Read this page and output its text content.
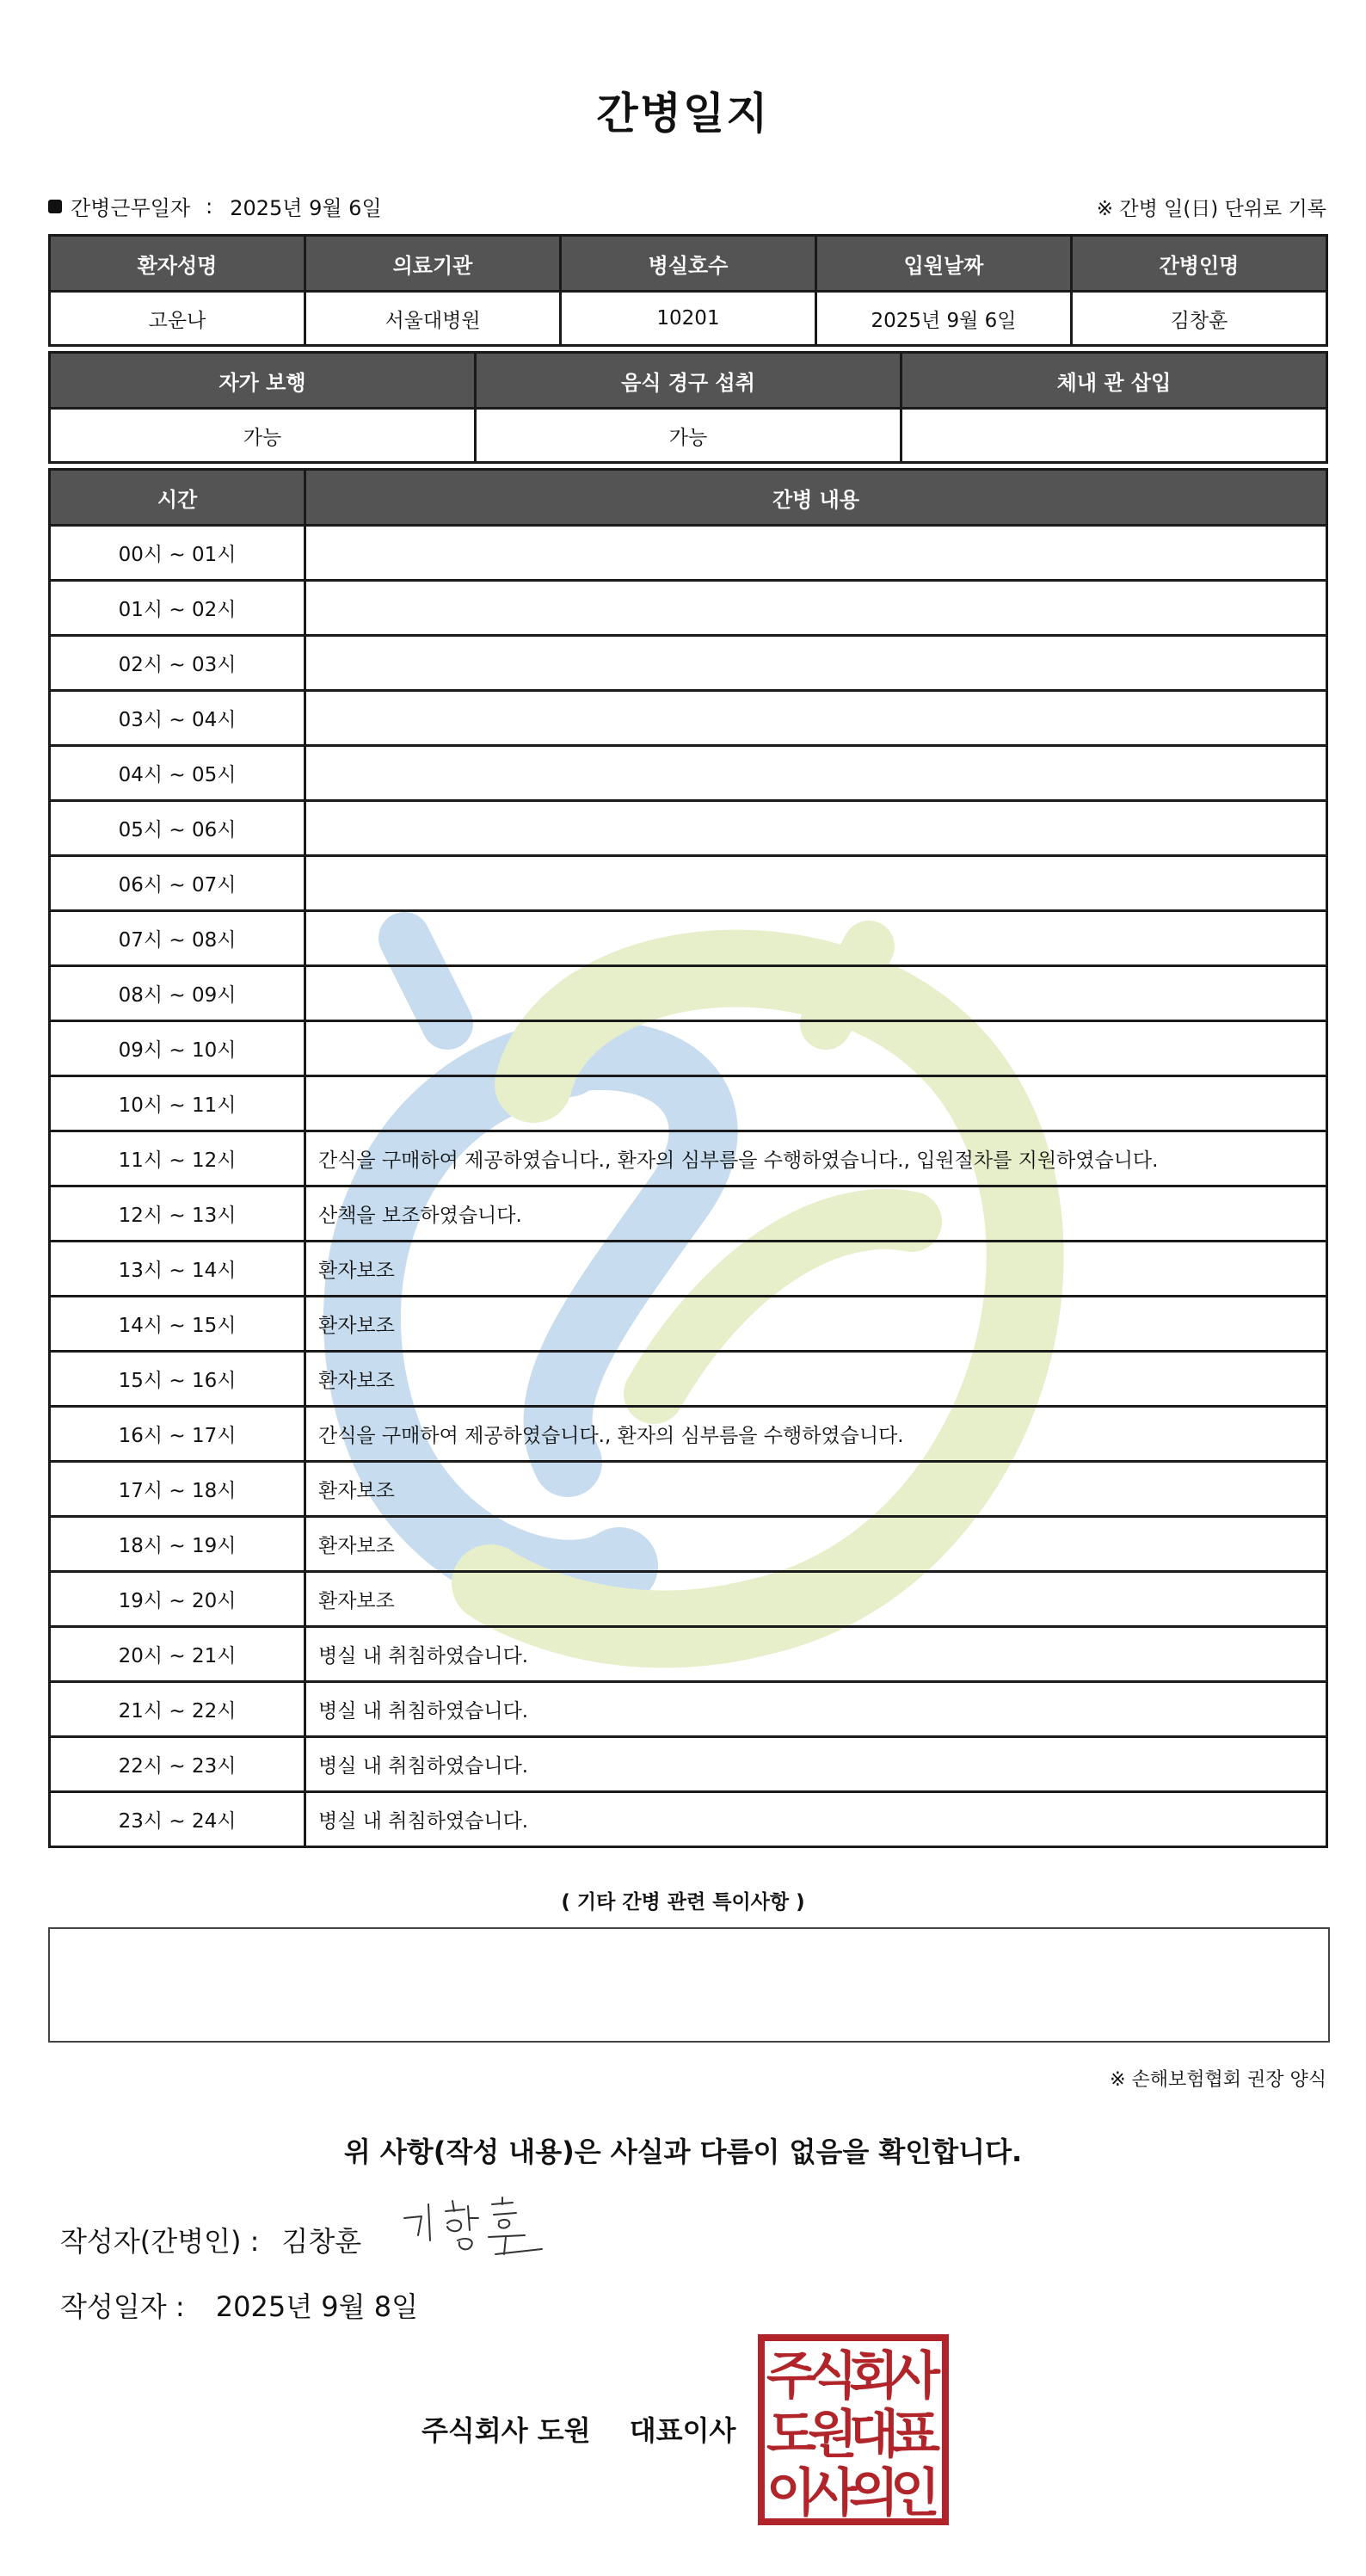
간병일지
간병근무일자 : 2025년 9월 6일	※ 간병 일(日) 단위로 기록
환자성명	의료기관	병실호수	입원날짜	간병인명
고운나	서울대병원	10201	2025년 9월 6일	김창훈
자가 보행	음식 경구 섭취	체내 관 삽입
가능	가능	
시간	간병 내용
00시 ~ 01시	
01시 ~ 02시	
02시 ~ 03시	
03시 ~ 04시	
04시 ~ 05시	
05시 ~ 06시	
06시 ~ 07시	
07시 ~ 08시	
08시 ~ 09시	
09시 ~ 10시	
10시 ~ 11시	
11시 ~ 12시	간식을 구매하여 제공하였습니다., 환자의 심부름을 수행하였습니다., 입원절차를 지원하였습니다.
12시 ~ 13시	산책을 보조하였습니다.
13시 ~ 14시	환자보조
14시 ~ 15시	환자보조
15시 ~ 16시	환자보조
16시 ~ 17시	간식을 구매하여 제공하였습니다., 환자의 심부름을 수행하였습니다.
17시 ~ 18시	환자보조
18시 ~ 19시	환자보조
19시 ~ 20시	환자보조
20시 ~ 21시	병실 내 취침하였습니다.
21시 ~ 22시	병실 내 취침하였습니다.
22시 ~ 23시	병실 내 취침하였습니다.
23시 ~ 24시	병실 내 취침하였습니다.
( 기타 간병 관련 특이사항 )
※ 손해보험협회 권장 양식
위 사항(작성 내용)은 사실과 다름이 없음을 확인합니다.
작성자(간병인) : 김창훈
작성일자 : 2025년 9월 8일
주식회사 도원 대표이사
주
식
회
사
도
원
대
표
이
사
의
인
